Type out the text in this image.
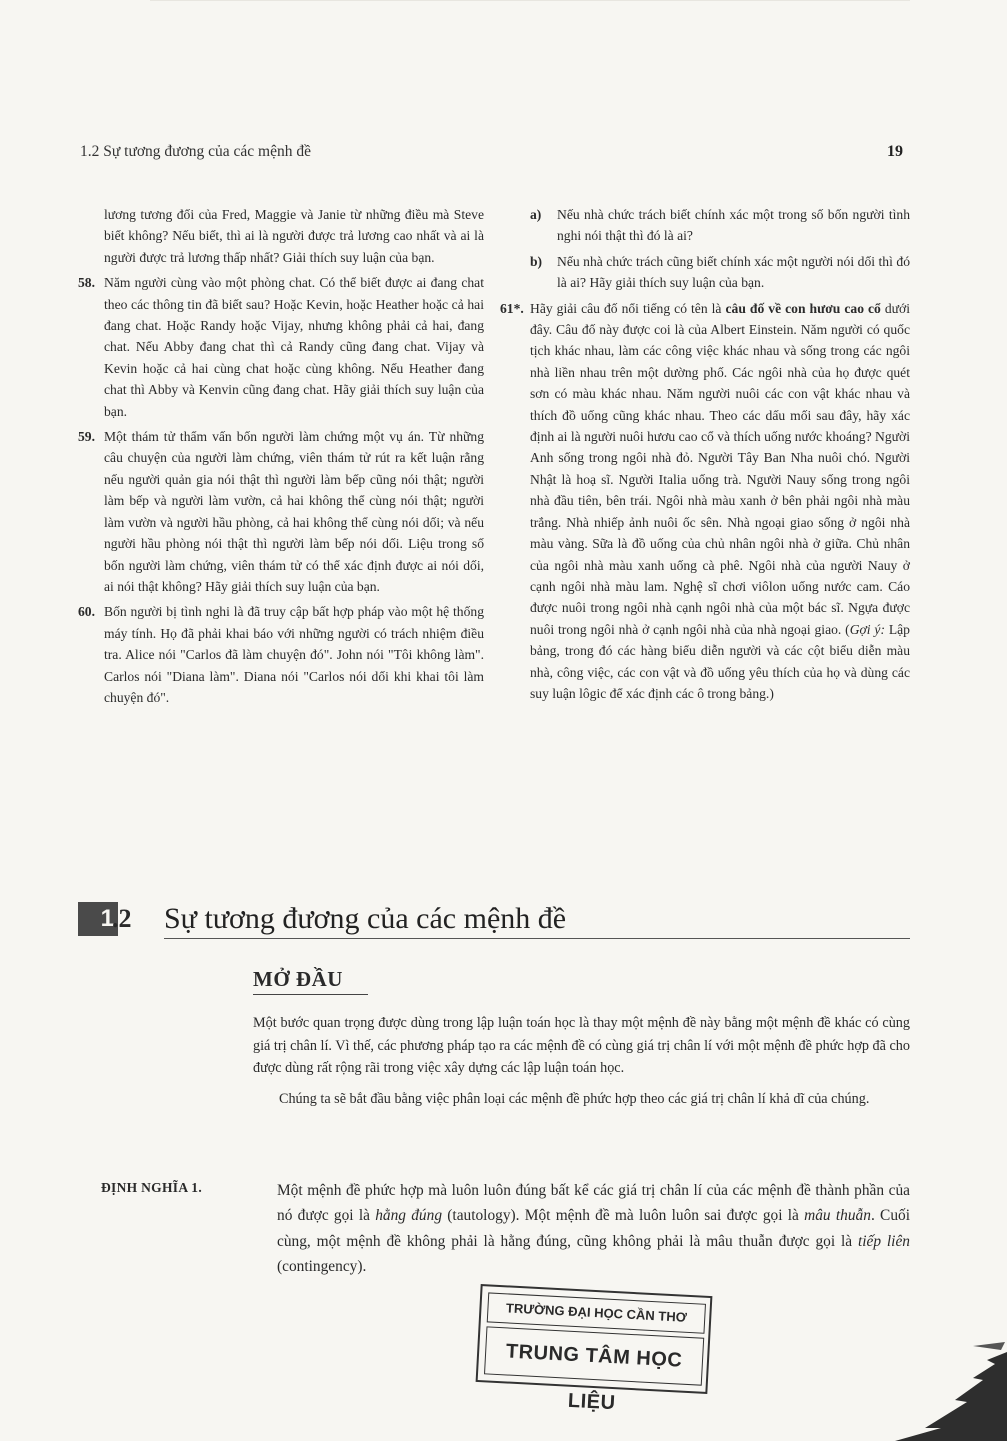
1.2 Sự tương đương của các mệnh đề	19

lương tương đối của Fred, Maggie và Janie từ những điều mà Steve biết không? Nếu biết, thì ai là người được trả lương cao nhất và ai là người được trả lương thấp nhất? Giải thích suy luận của bạn.

58. Năm người cùng vào một phòng chat. Có thể biết được ai đang chat theo các thông tin đã biết sau? Hoặc Kevin, hoặc Heather hoặc cả hai đang chat. Hoặc Randy hoặc Vijay, nhưng không phải cả hai, đang chat. Nếu Abby đang chat thì cả Randy cũng đang chat. Vijay và Kevin hoặc cả hai cùng chat hoặc cùng không. Nếu Heather đang chat thì Abby và Kenvin cũng đang chat. Hãy giải thích suy luận của bạn.

59. Một thám tử thẩm vấn bốn người làm chứng một vụ án. Từ những câu chuyện của người làm chứng, viên thám tử rút ra kết luận rằng nếu người quản gia nói thật thì người làm bếp cũng nói thật; người làm bếp và người làm vườn, cả hai không thể cùng nói thật; người làm vườn và người hầu phòng, cả hai không thể cùng nói dối; và nếu người hầu phòng nói thật thì người làm bếp nói dối. Liệu trong số bốn người làm chứng, viên thám tử có thể xác định được ai nói dối, ai nói thật không? Hãy giải thích suy luận của bạn.

60. Bốn người bị tình nghi là đã truy cập bất hợp pháp vào một hệ thống máy tính. Họ đã phải khai báo với những người có trách nhiệm điều tra. Alice nói "Carlos đã làm chuyện đó". John nói "Tôi không làm". Carlos nói "Diana làm". Diana nói "Carlos nói dối khi khai tôi làm chuyện đó".

a) Nếu nhà chức trách biết chính xác một trong số bốn người tình nghi nói thật thì đó là ai?

b) Nếu nhà chức trách cũng biết chính xác một người nói dối thì đó là ai? Hãy giải thích suy luận của bạn.

61*. Hãy giải câu đố nổi tiếng có tên là câu đố về con hươu cao cổ dưới đây. Câu đố này được coi là của Albert Einstein. Năm người có quốc tịch khác nhau, làm các công việc khác nhau và sống trong các ngôi nhà liền nhau trên một dường phố. Các ngôi nhà của họ được quét sơn có màu khác nhau. Năm người nuôi các con vật khác nhau và thích đồ uống cũng khác nhau. Theo các dấu mối sau đây, hãy xác định ai là người nuôi hươu cao cổ và thích uống nước khoáng? Người Anh sống trong ngôi nhà đỏ. Người Tây Ban Nha nuôi chó. Người Nhật là hoạ sĩ. Người Italia uống trà. Người Nauy sống trong ngôi nhà đầu tiên, bên trái. Ngôi nhà màu xanh ở bên phải ngôi nhà màu trắng. Nhà nhiếp ảnh nuôi ốc sên. Nhà ngoại giao sống ở ngôi nhà màu vàng. Sữa là đồ uống của chủ nhân ngôi nhà ở giữa. Chủ nhân của ngôi nhà màu xanh uống cà phê. Ngôi nhà của người Nauy ở cạnh ngôi nhà màu lam. Nghệ sĩ chơi viôlon uống nước cam. Cáo được nuôi trong ngôi nhà cạnh ngôi nhà của một bác sĩ. Ngựa được nuôi trong ngôi nhà ở cạnh ngôi nhà của nhà ngoại giao. (Gợi ý: Lập bảng, trong đó các hàng biểu diễn người và các cột biểu diễn màu nhà, công việc, các con vật và đồ uống yêu thích của họ và dùng các suy luận lôgic để xác định các ô trong bảng.)

1
.2 Sự tương đương của các mệnh đề
MỞ ĐẦU

Một bước quan trọng được dùng trong lập luận toán học là thay một mệnh đề này bằng một mệnh đề khác có cùng giá trị chân lí. Vì thế, các phương pháp tạo ra các mệnh đề có cùng giá trị chân lí với một mệnh đề phức hợp đã cho được dùng rất rộng rãi trong việc xây dựng các lập luận toán học.

Chúng ta sẽ bắt đầu bằng việc phân loại các mệnh đề phức hợp theo các giá trị chân lí khả dĩ của chúng.

ĐỊNH NGHĨA 1.	Một mệnh đề phức hợp mà luôn luôn đúng bất kể các giá trị chân lí của các mệnh đề thành phần của nó được gọi là hằng đúng (tautology). Một mệnh đề mà luôn luôn sai được gọi là mâu thuẫn. Cuối cùng, một mệnh đề không phải là hằng đúng, cũng không phải là mâu thuẫn được gọi là tiếp liên (contingency).
TRƯỜNG ĐẠI HỌC CẦN THƠ
TRUNG TÂM HỌC LIỆU
